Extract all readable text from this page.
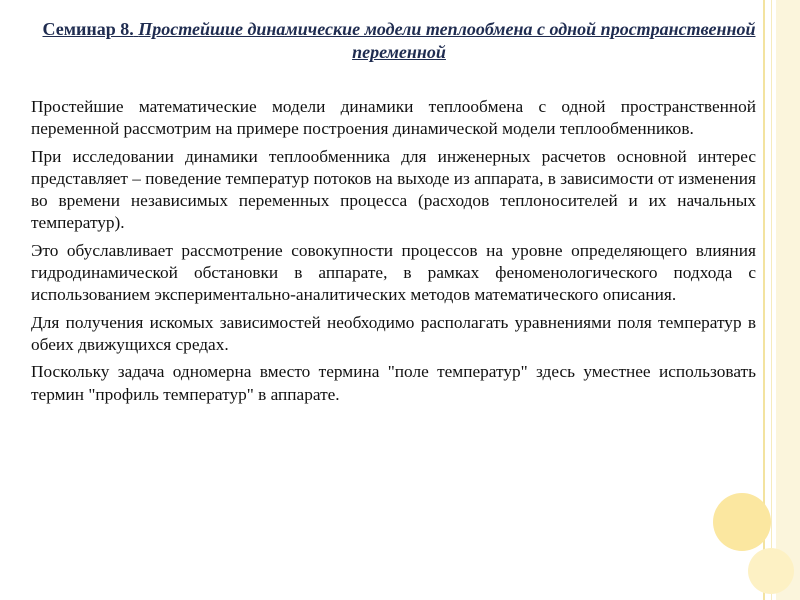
Семинар 8. Простейшие динамические модели теплообмена с одной пространственной переменной

Простейшие математические модели динамики теплообмена с одной пространственной переменной рассмотрим на примере построения динамической модели теплообменников.

При исследовании динамики теплообменника для инженерных расчетов основной интерес представляет – поведение температур потоков на выходе из аппарата, в зависимости от изменения во времени независимых переменных процесса (расходов теплоносителей и их начальных температур).

Это обуславливает рассмотрение совокупности процессов на уровне определяющего влияния гидродинамической обстановки в аппарате, в рамках феноменологического подхода с использованием экспериментально-аналитических методов математического описания.

Для получения искомых зависимостей необходимо располагать уравнениями поля температур в обеих движущихся средах.

Поскольку задача одномерна вместо термина "поле температур" здесь уместнее использовать термин "профиль температур" в аппарате.
